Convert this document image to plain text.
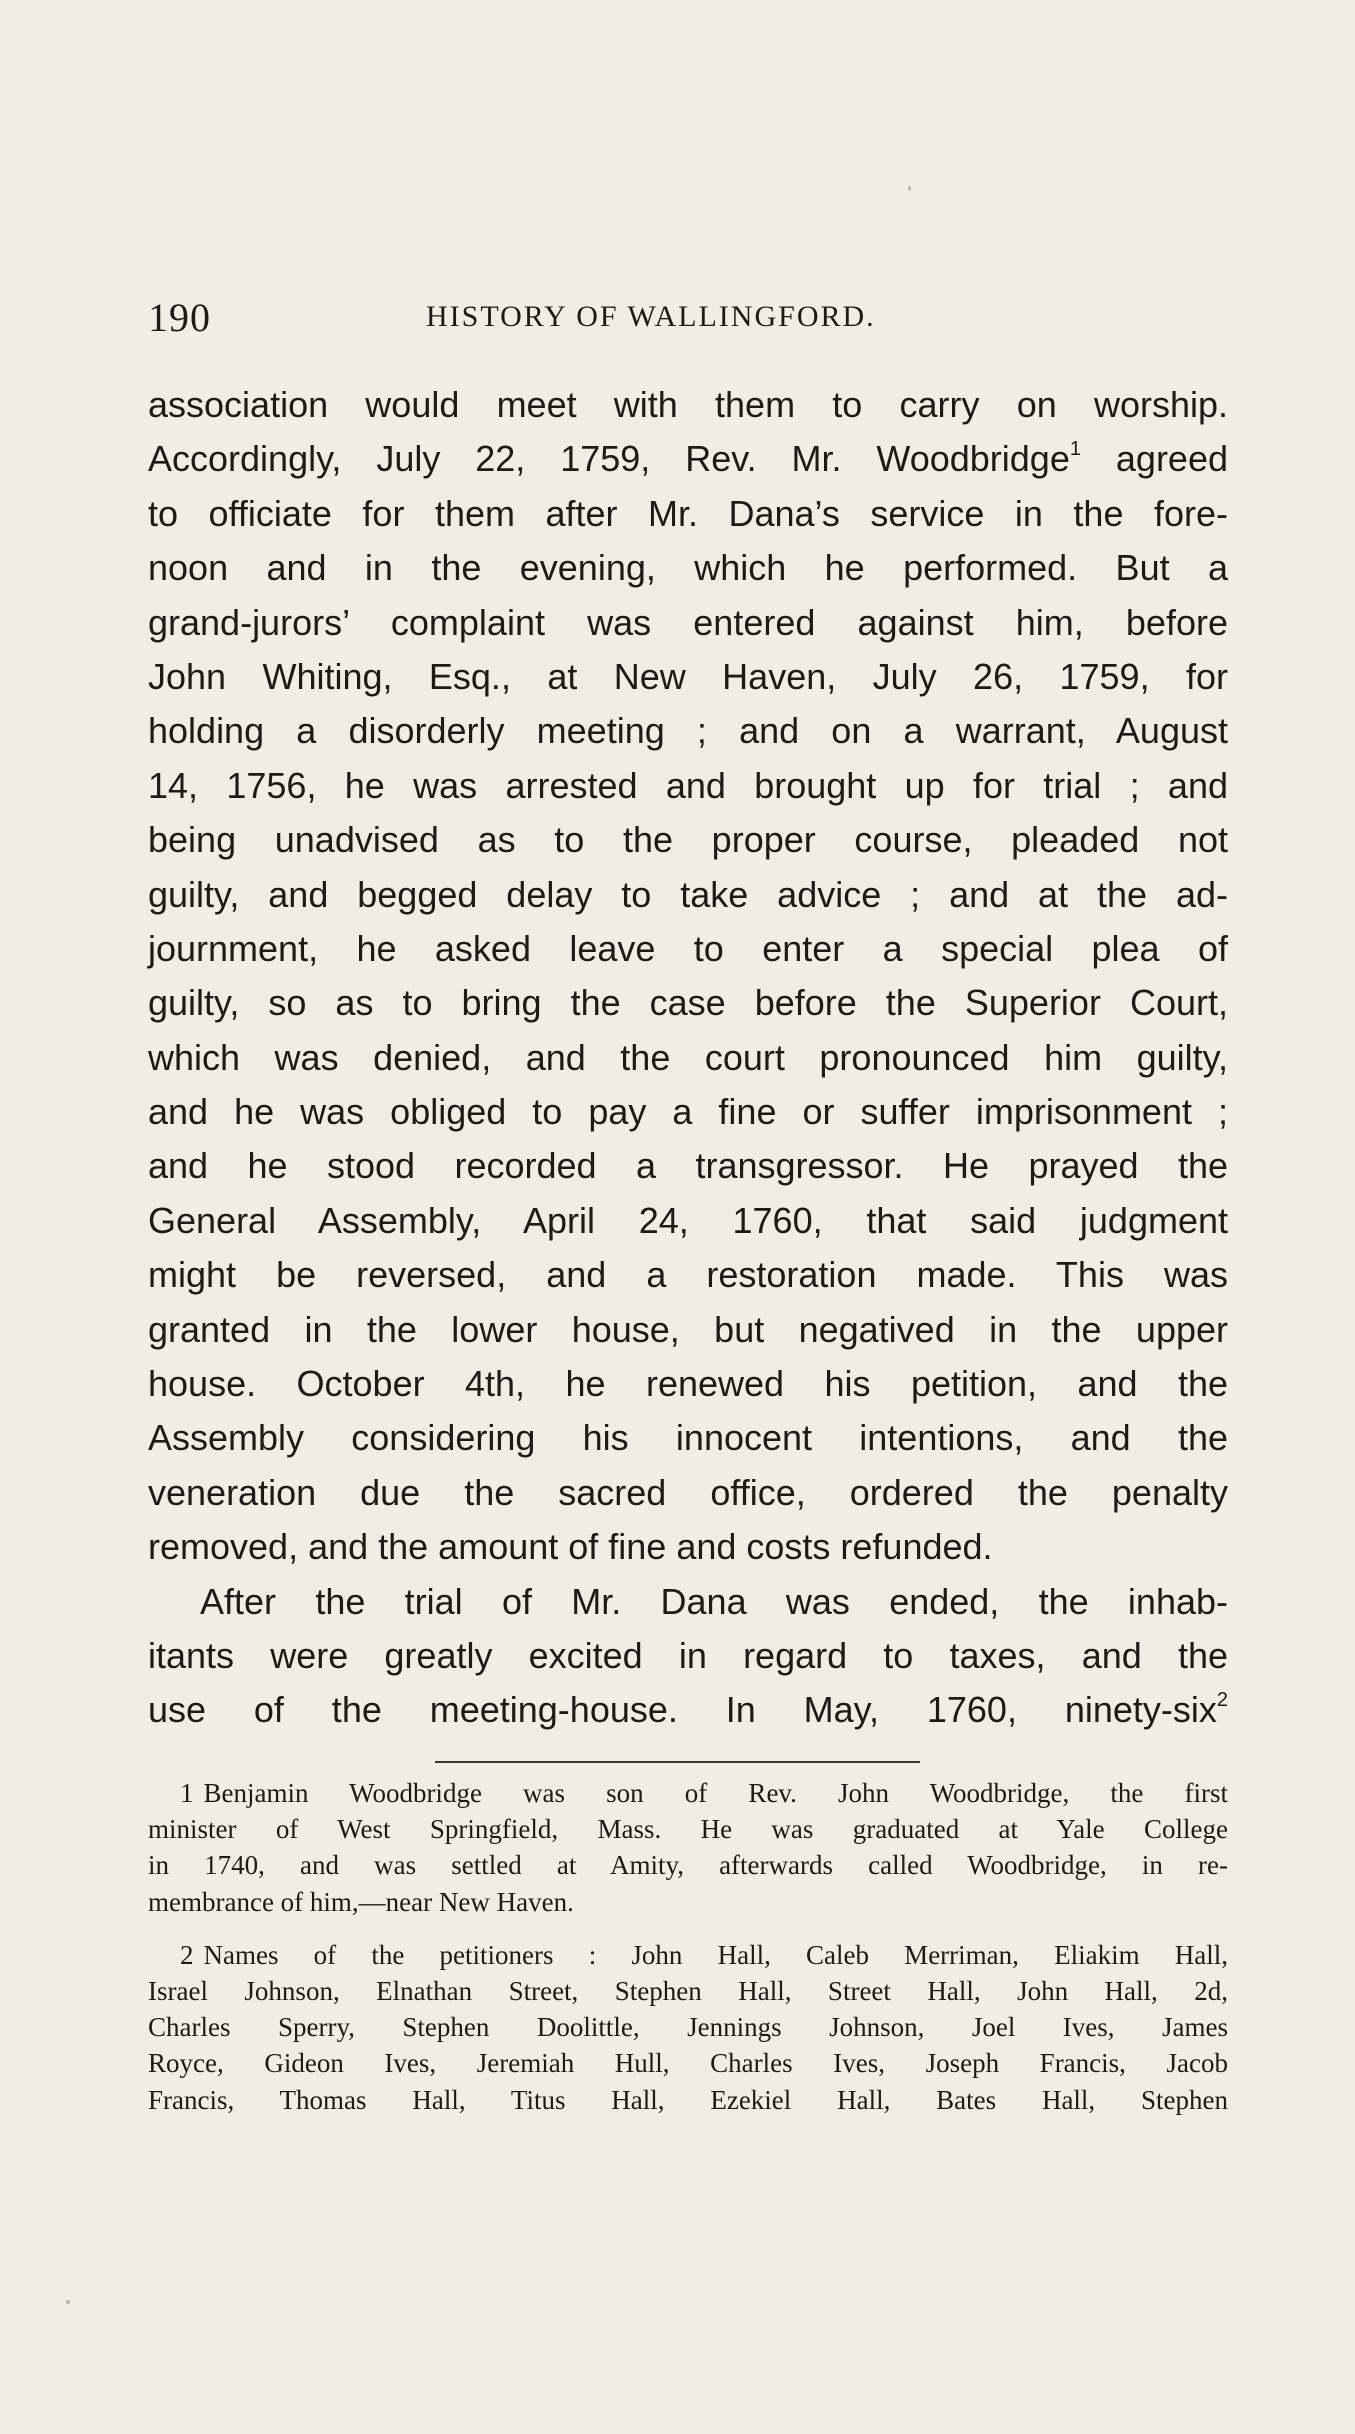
190	HISTORY OF WALLINGFORD.
association would meet with them to carry on worship.
Accordingly, July 22, 1759, Rev. Mr. Woodbridge$^1$ agreed
to officiate for them after Mr. Dana’s service in the fore-
noon and in the evening, which he performed. But a
grand-jurors’ complaint was entered against him, before
John Whiting, Esq., at New Haven, July 26, 1759, for
holding a disorderly meeting ; and on a warrant, August
14, 1756, he was arrested and brought up for trial ; and
being unadvised as to the proper course, pleaded not
guilty, and begged delay to take advice ; and at the ad-
journment, he asked leave to enter a special plea of
guilty, so as to bring the case before the Superior Court,
which was denied, and the court pronounced him guilty,
and he was obliged to pay a fine or suffer imprisonment ;
and he stood recorded a transgressor. He prayed the
General Assembly, April 24, 1760, that said judgment
might be reversed, and a restoration made. This was
granted in the lower house, but negatived in the upper
house. October 4th, he renewed his petition, and the
Assembly considering his innocent intentions, and the
veneration due the sacred office, ordered the penalty
removed, and the amount of fine and costs refunded.
After the trial of Mr. Dana was ended, the inhab-
itants were greatly excited in regard to taxes, and the
use of the meeting-house. In May, 1760, ninety-six$^2$
1 Benjamin Woodbridge was son of Rev. John Woodbridge, the first
minister of West Springfield, Mass. He was graduated at Yale College
in 1740, and was settled at Amity, afterwards called Woodbridge, in re-
membrance of him,—near New Haven.
2 Names of the petitioners : John Hall, Caleb Merriman, Eliakim Hall,
Israel Johnson, Elnathan Street, Stephen Hall, Street Hall, John Hall, 2d,
Charles Sperry, Stephen Doolittle, Jennings Johnson, Joel Ives, James
Royce, Gideon Ives, Jeremiah Hull, Charles Ives, Joseph Francis, Jacob
Francis, Thomas Hall, Titus Hall, Ezekiel Hall, Bates Hall, Stephen
